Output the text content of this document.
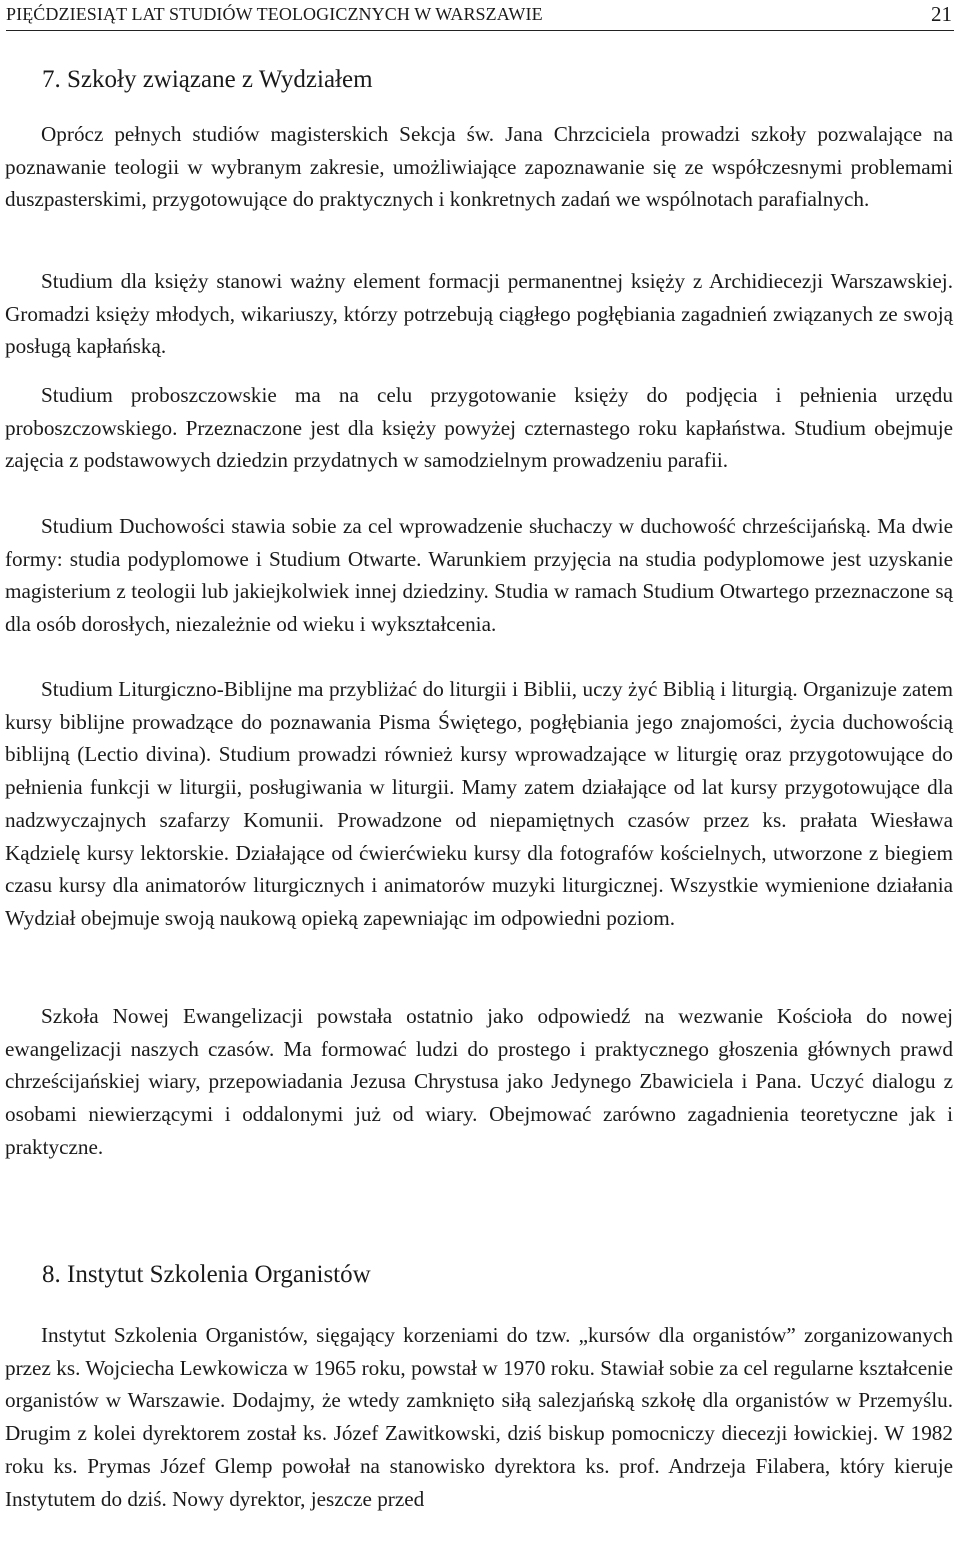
PIĘĆDZIESIĄT LAT STUDIÓW TEOLOGICZNYCH W WARSZAWIE	21
7. Szkoły związane z Wydziałem

Oprócz pełnych studiów magisterskich Sekcja św. Jana Chrzciciela prowadzi szkoły pozwalające na poznawanie teologii w wybranym zakresie, umożliwiające zapoznawanie się ze współczesnymi problemami duszpasterskimi, przygotowujące do praktycznych i konkretnych zadań we wspólnotach parafialnych.

Studium dla księży stanowi ważny element formacji permanentnej księży z Archidiecezji Warszawskiej. Gromadzi księży młodych, wikariuszy, którzy potrzebują ciągłego pogłębiania zagadnień związanych ze swoją posługą kapłańską.

Studium proboszczowskie ma na celu przygotowanie księży do podjęcia i pełnienia urzędu proboszczowskiego. Przeznaczone jest dla księży powyżej czternastego roku kapłaństwa. Studium obejmuje zajęcia z podstawowych dziedzin przydatnych w samodzielnym prowadzeniu parafii.

Studium Duchowości stawia sobie za cel wprowadzenie słuchaczy w duchowość chrześcijańską. Ma dwie formy: studia podyplomowe i Studium Otwarte. Warunkiem przyjęcia na studia podyplomowe jest uzyskanie magisterium z teologii lub jakiejkolwiek innej dziedziny. Studia w ramach Studium Otwartego przeznaczone są dla osób dorosłych, niezależnie od wieku i wykształcenia.

Studium Liturgiczno-Biblijne ma przybliżać do liturgii i Biblii, uczy żyć Biblią i liturgią. Organizuje zatem kursy biblijne prowadzące do poznawania Pisma Świętego, pogłębiania jego znajomości, życia duchowością biblijną (Lectio divina). Studium prowadzi również kursy wprowadzające w liturgię oraz przygotowujące do pełnienia funkcji w liturgii, posługiwania w liturgii. Mamy zatem działające od lat kursy przygotowujące dla nadzwyczajnych szafarzy Komunii. Prowadzone od niepamiętnych czasów przez ks. prałata Wiesława Kądzielę kursy lektorskie. Działające od ćwierćwieku kursy dla fotografów kościelnych, utworzone z biegiem czasu kursy dla animatorów liturgicznych i animatorów muzyki liturgicznej. Wszystkie wymienione działania Wydział obejmuje swoją naukową opieką zapewniając im odpowiedni poziom.

Szkoła Nowej Ewangelizacji powstała ostatnio jako odpowiedź na wezwanie Kościoła do nowej ewangelizacji naszych czasów. Ma formować ludzi do prostego i praktycznego głoszenia głównych prawd chrześcijańskiej wiary, przepowiadania Jezusa Chrystusa jako Jedynego Zbawiciela i Pana. Uczyć dialogu z osobami niewierzącymi i oddalonymi już od wiary. Obejmować zarówno zagadnienia teoretyczne jak i praktyczne.

8. Instytut Szkolenia Organistów

Instytut Szkolenia Organistów, sięgający korzeniami do tzw. „kursów dla organistów” zorganizowanych przez ks. Wojciecha Lewkowicza w 1965 roku, powstał w 1970 roku. Stawiał sobie za cel regularne kształcenie organistów w Warszawie. Dodajmy, że wtedy zamknięto siłą salezjańską szkołę dla organistów w Przemyślu. Drugim z kolei dyrektorem został ks. Józef Zawitkowski, dziś biskup pomocniczy diecezji łowickiej. W 1982 roku ks. Prymas Józef Glemp powołał na stanowisko dyrektora ks. prof. Andrzeja Filabera, który kieruje Instytutem do dziś. Nowy dyrektor, jeszcze przed
